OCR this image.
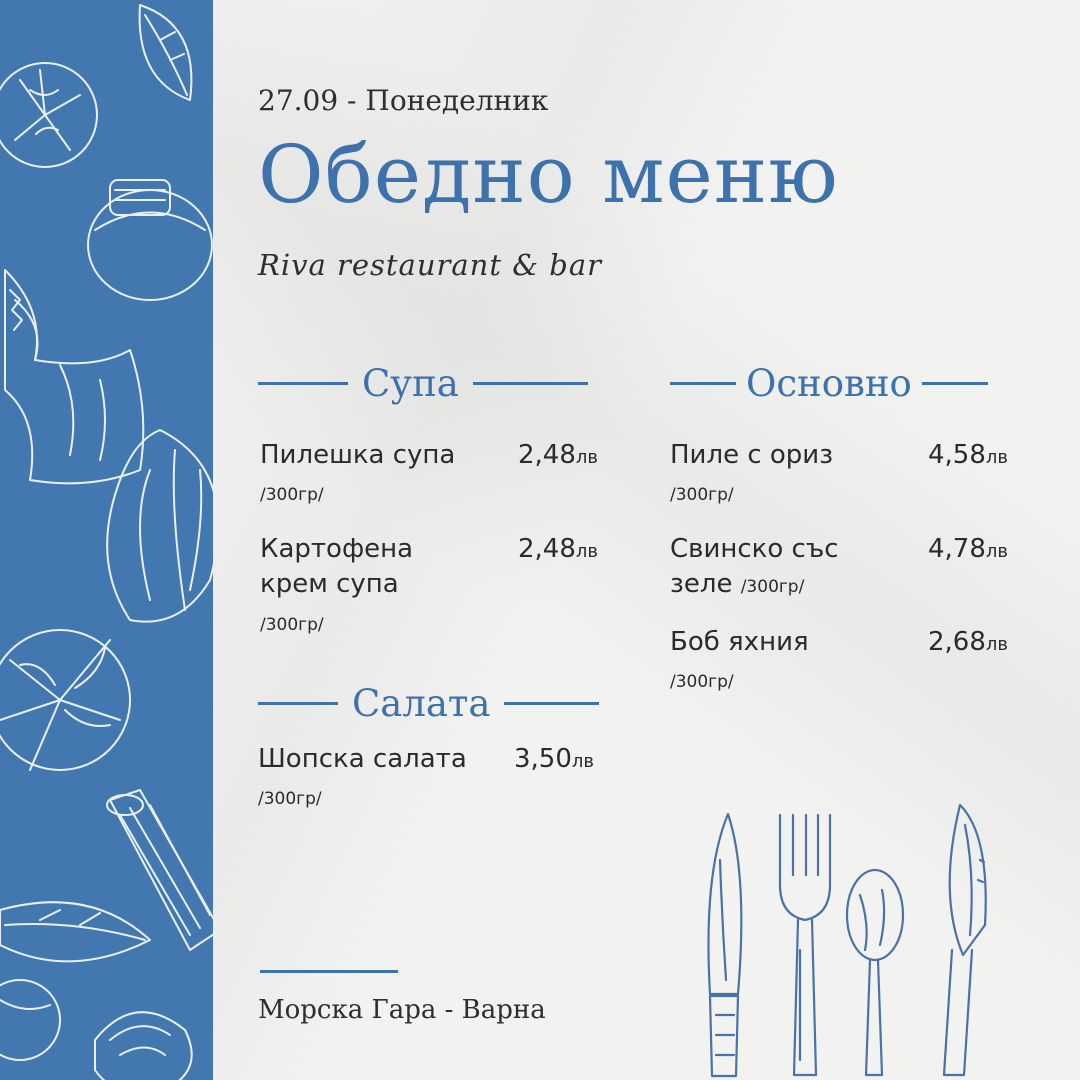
27.09 - Понеделник
Обедно меню
Riva restaurant & bar
Супа
Пилешка супа 2,48лв
/300гр/
Картофена
крем супа
2,48лв
/300гр/
Салата
Шопска салата 3,50лв
/300гр/
Основно
Пиле с ориз	4,58лв
/300гр/
Свинско със
зеле /300гр/
4,78лв
Боб яхния	2,68лв
/300гр/
Морска Гара - Варна
